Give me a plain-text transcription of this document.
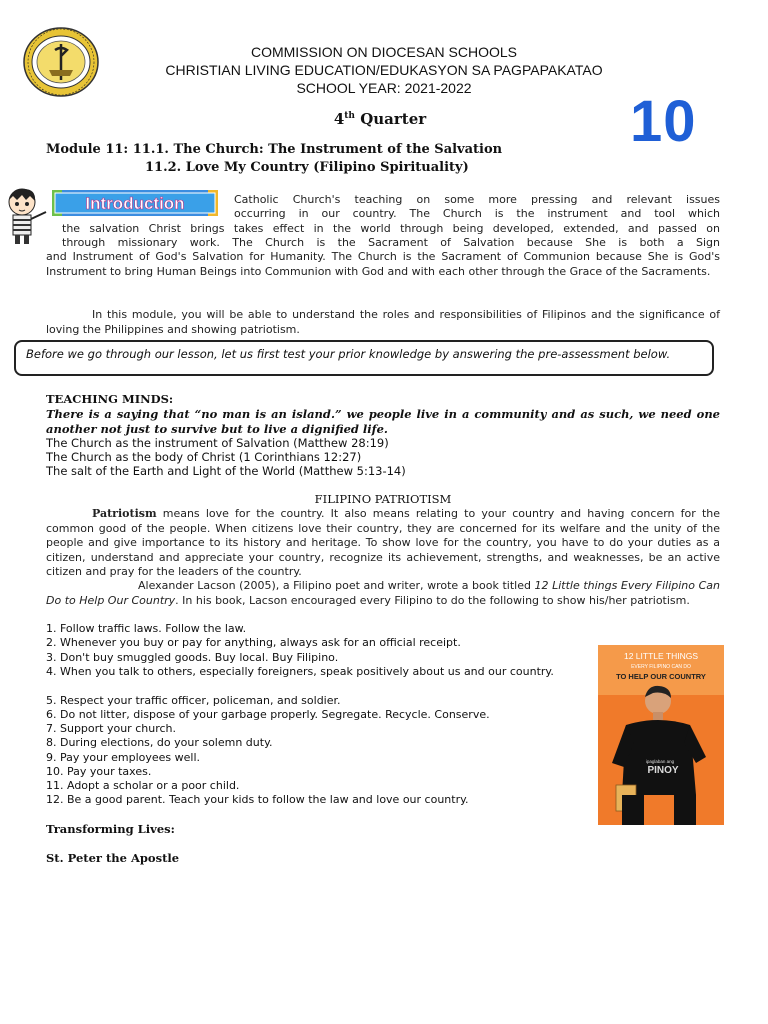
COMMISSION ON DIOCESAN SCHOOLS
CHRISTIAN LIVING EDUCATION/EDUKASYON SA PAGPAPAKATAO
SCHOOL YEAR: 2021-2022
4th Quarter	10
Module 11: 11.1. The Church: The Instrument of the Salvation
11.2. Love My Country (Filipino Spirituality)
Introduction	Catholic Church's teaching on some more pressing and relevant issues
occurring in our country. The Church is the instrument and tool which
the salvation Christ brings takes effect in the world through being developed, extended, and passed on
through missionary work. The Church is the Sacrament of Salvation because She is both a Sign
and Instrument of God's Salvation for Humanity. The Church is the Sacrament of Communion because She is God's Instrument to bring Human Beings into Communion with God and with each other through the Grace of the Sacraments.
In this module, you will be able to understand the roles and responsibilities of Filipinos and the significance of loving the Philippines and showing patriotism.
Before we go through our lesson, let us first test your prior knowledge by answering the pre-assessment below.
TEACHING MINDS:
There is a saying that “no man is an island.” we people live in a community and as such, we need one another not just to survive but to live a dignified life.
The Church as the instrument of Salvation (Matthew 28:19)
The Church as the body of Christ (1 Corinthians 12:27)
The salt of the Earth and Light of the World (Matthew 5:13-14)
FILIPINO PATRIOTISM
Patriotism means love for the country. It also means relating to your country and having concern for the common good of the people. When citizens love their country, they are concerned for its welfare and the unity of the people and give importance to its history and heritage. To show love for the country, you have to do your duties as a citizen, understand and appreciate your country, recognize its achievement, strengths, and weaknesses, be an active citizen and pray for the leaders of the country.
Alexander Lacson (2005), a Filipino poet and writer, wrote a book titled 12 Little things Every Filipino Can Do to Help Our Country. In his book, Lacson encouraged every Filipino to do the following to show his/her patriotism.
1. Follow traffic laws. Follow the law.
2. Whenever you buy or pay for anything, always ask for an official receipt.
3. Don't buy smuggled goods. Buy local. Buy Filipino.
4. When you talk to others, especially foreigners, speak positively about us and our country.
5. Respect your traffic officer, policeman, and soldier.
6. Do not litter, dispose of your garbage properly. Segregate. Recycle. Conserve.
7. Support your church.
8. During elections, do your solemn duty.
9. Pay your employees well.
10. Pay your taxes.
11. Adopt a scholar or a poor child.
12. Be a good parent. Teach your kids to follow the law and love our country.
12 LITTLE THINGS
EVERY FILIPINO CAN DO
TO HELP OUR COUNTRY
ipaglaban ang
PINOY
Transforming Lives:
St. Peter the Apostle
